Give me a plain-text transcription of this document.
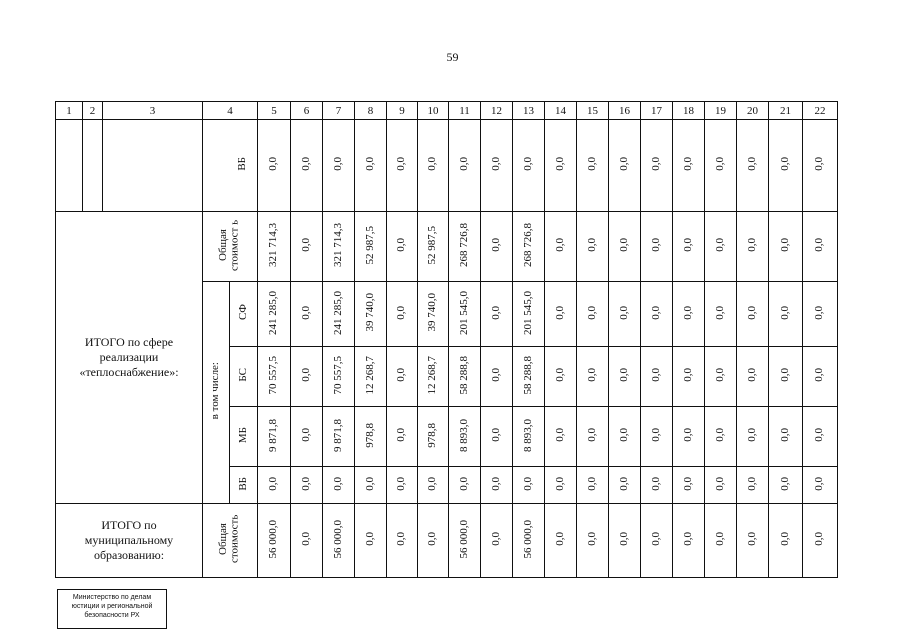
59
1	2	3	4		5	6	7	8	9	10	11	12	13	14	15	16	17	18	19	20	21	22
				ВБ	0,0	0,0	0,0	0,0	0,0	0,0	0,0	0,0	0,0	0,0	0,0	0,0	0,0	0,0	0,0	0,0	0,0	0,0
ИТОГО по сфере реализации «теплоснабжение»:			Общая стоимост ь		321 714,3	0,0	321 714,3	52 987,5	0,0	52 987,5	268 726,8	0,0	268 726,8	0,0	0,0	0,0	0,0	0,0	0,0	0,0	0,0	0,0
			в том числе:	СФ	241 285,0	0,0	241 285,0	39 740,0	0,0	39 740,0	201 545,0	0,0	201 545,0	0,0	0,0	0,0	0,0	0,0	0,0	0,0	0,0	0,0
				БС	70 557,5	0,0	70 557,5	12 268,7	0,0	12 268,7	58 288,8	0,0	58 288,8	0,0	0,0	0,0	0,0	0,0	0,0	0,0	0,0	0,0
				МБ	9 871,8	0,0	9 871,8	978,8	0,0	978,8	8 893,0	0,0	8 893,0	0,0	0,0	0,0	0,0	0,0	0,0	0,0	0,0	0,0
				ВБ	0,0	0,0	0,0	0,0	0,0	0,0	0,0	0,0	0,0	0,0	0,0	0,0	0,0	0,0	0,0	0,0	0,0	0,0
ИТОГО по муниципальному образованию:			Общая стоимость		56 000,0	0,0	56 000,0	0,0	0,0	0,0	56 000,0	0,0	56 000,0	0,0	0,0	0,0	0,0	0,0	0,0	0,0	0,0	0,0
Министерство по делам
юстиции и региональной
безопасности РХ
